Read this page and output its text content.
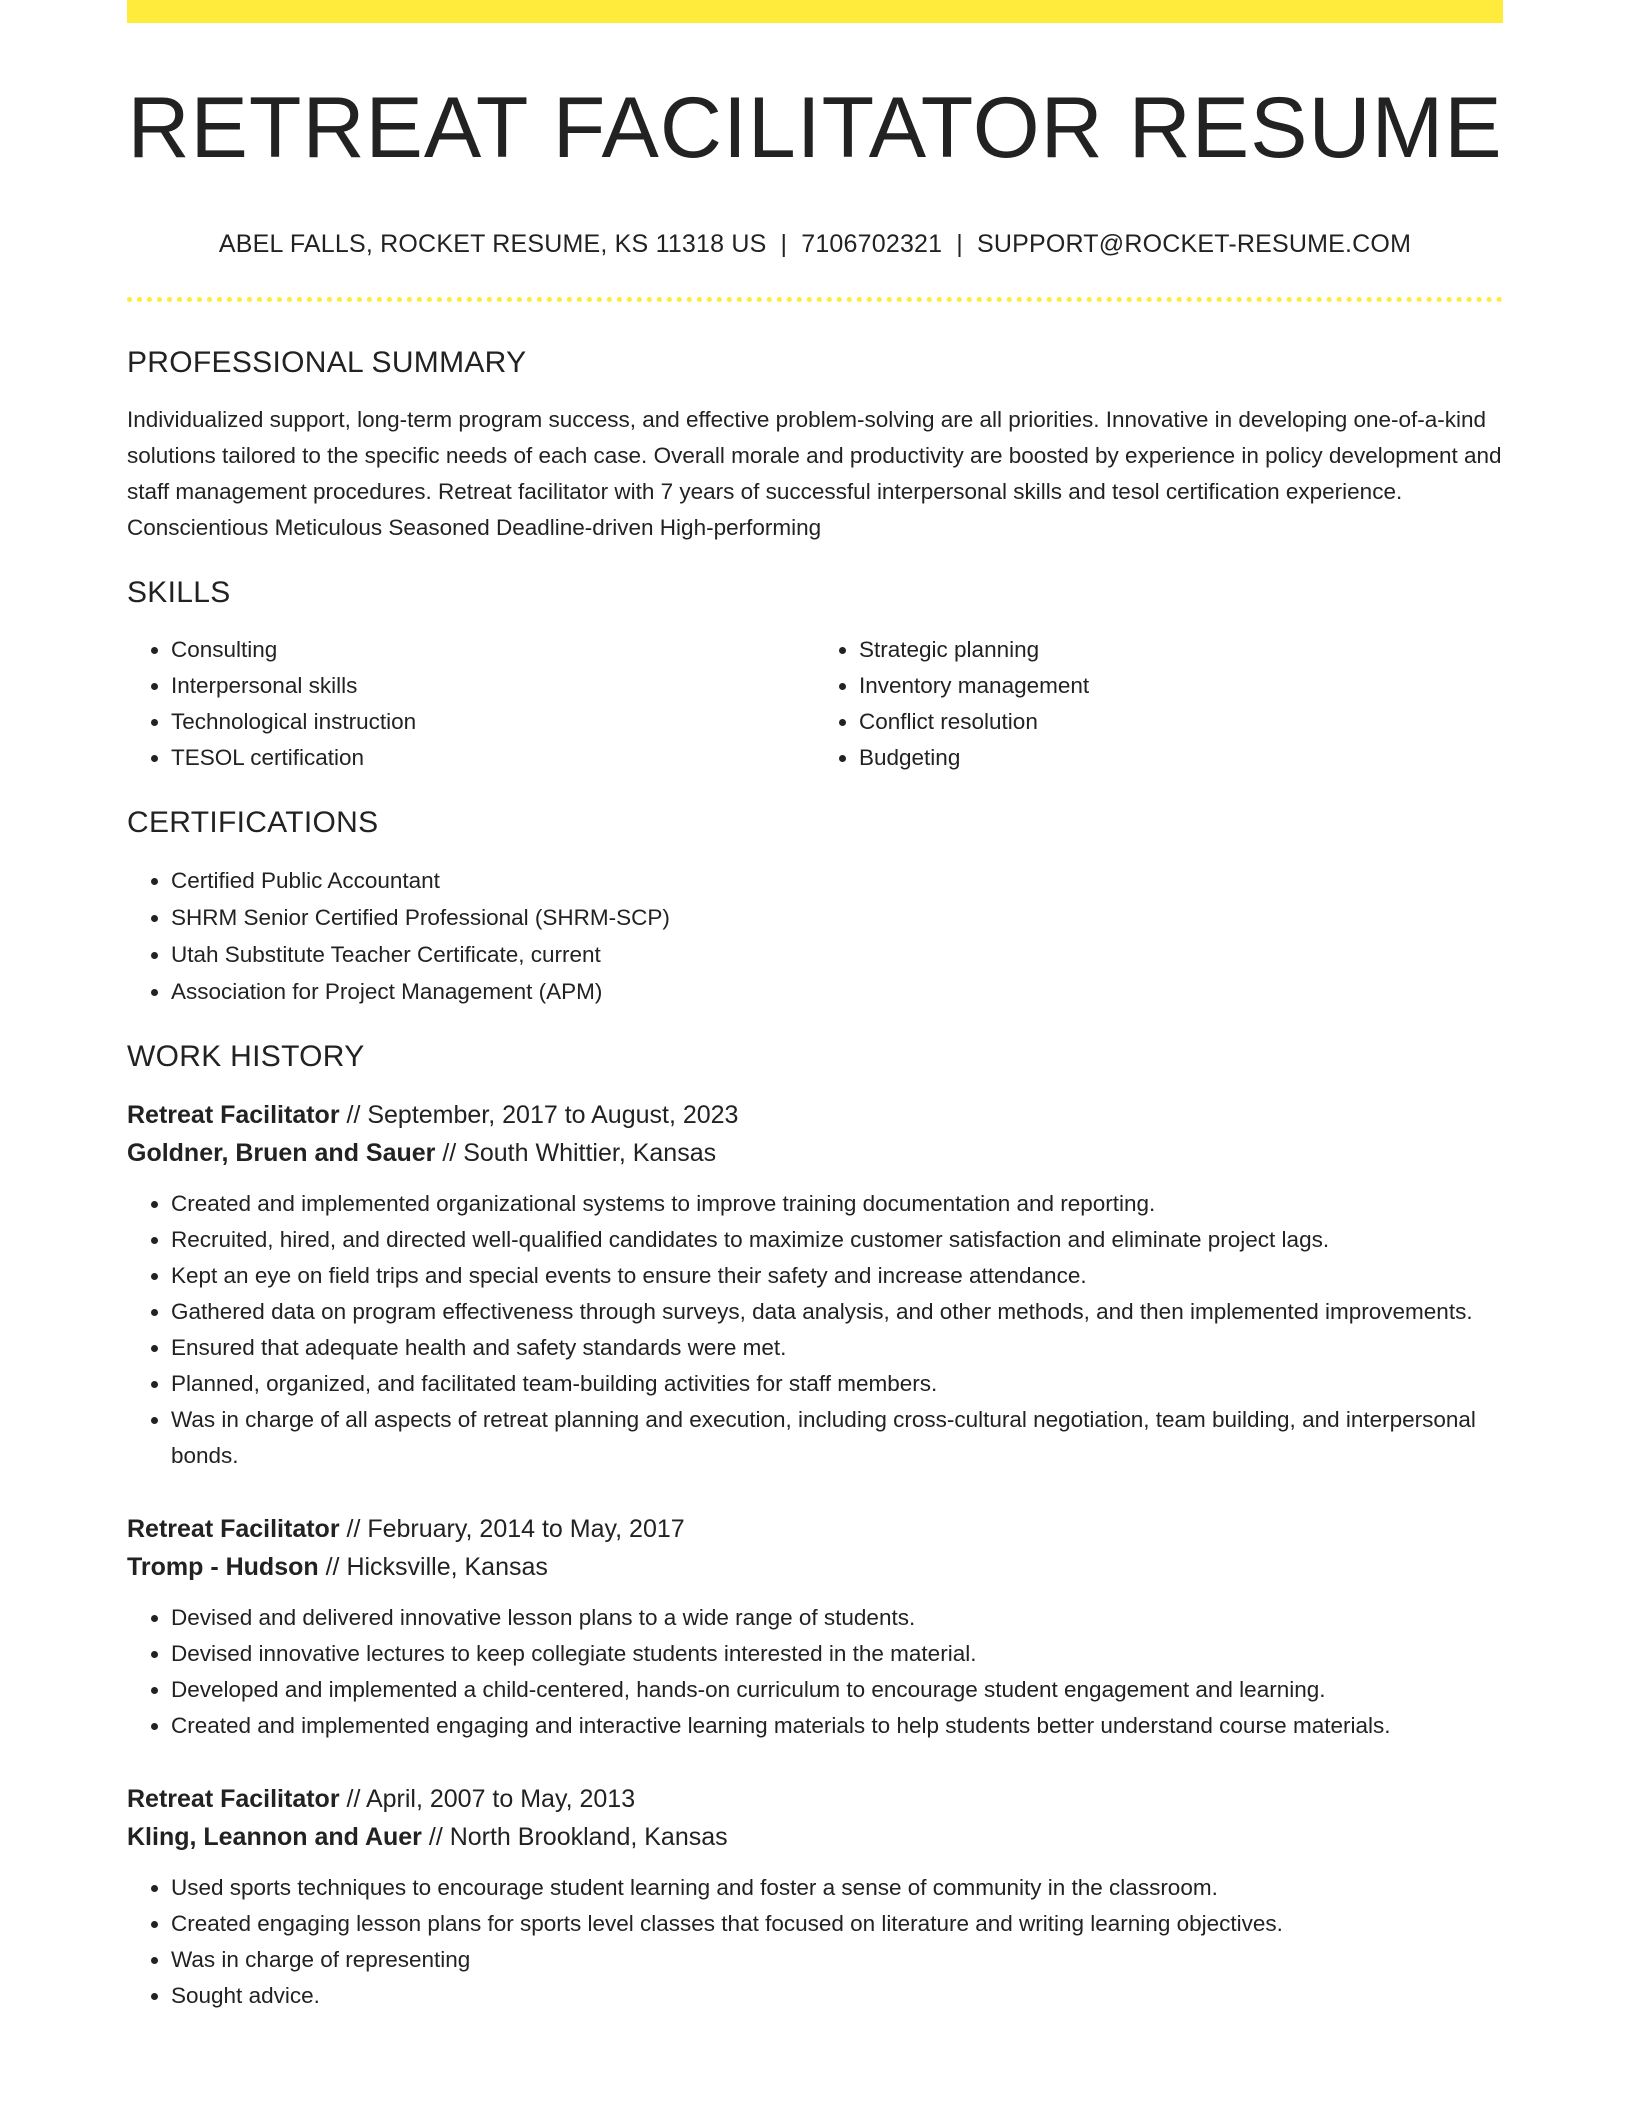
RETREAT FACILITATOR RESUME
ABEL FALLS, ROCKET RESUME, KS 11318 US | 7106702321 | SUPPORT@ROCKET-RESUME.COM
PROFESSIONAL SUMMARY

Individualized support, long-term program success, and effective problem-solving are all priorities. Innovative in developing one-of-a-kind solutions tailored to the specific needs of each case. Overall morale and productivity are boosted by experience in policy development and staff management procedures. Retreat facilitator with 7 years of successful interpersonal skills and tesol certification experience. Conscientious Meticulous Seasoned Deadline-driven High-performing

SKILLS
• Consulting
• Interpersonal skills
• Technological instruction
• TESOL certification
• Strategic planning
• Inventory management
• Conflict resolution
• Budgeting
CERTIFICATIONS
• Certified Public Accountant
• SHRM Senior Certified Professional (SHRM-SCP)
• Utah Substitute Teacher Certificate, current
• Association for Project Management (APM)
WORK HISTORY
Retreat Facilitator // September, 2017 to August, 2023
Goldner, Bruen and Sauer // South Whittier, Kansas
• Created and implemented organizational systems to improve training documentation and reporting.
• Recruited, hired, and directed well-qualified candidates to maximize customer satisfaction and eliminate project lags.
• Kept an eye on field trips and special events to ensure their safety and increase attendance.
• Gathered data on program effectiveness through surveys, data analysis, and other methods, and then implemented improvements.
• Ensured that adequate health and safety standards were met.
• Planned, organized, and facilitated team-building activities for staff members.
• Was in charge of all aspects of retreat planning and execution, including cross-cultural negotiation, team building, and interpersonal bonds.
Retreat Facilitator // February, 2014 to May, 2017
Tromp - Hudson // Hicksville, Kansas
• Devised and delivered innovative lesson plans to a wide range of students.
• Devised innovative lectures to keep collegiate students interested in the material.
• Developed and implemented a child-centered, hands-on curriculum to encourage student engagement and learning.
• Created and implemented engaging and interactive learning materials to help students better understand course materials.
Retreat Facilitator // April, 2007 to May, 2013
Kling, Leannon and Auer // North Brookland, Kansas
• Used sports techniques to encourage student learning and foster a sense of community in the classroom.
• Created engaging lesson plans for sports level classes that focused on literature and writing learning objectives.
• Was in charge of representing
• Sought advice.
